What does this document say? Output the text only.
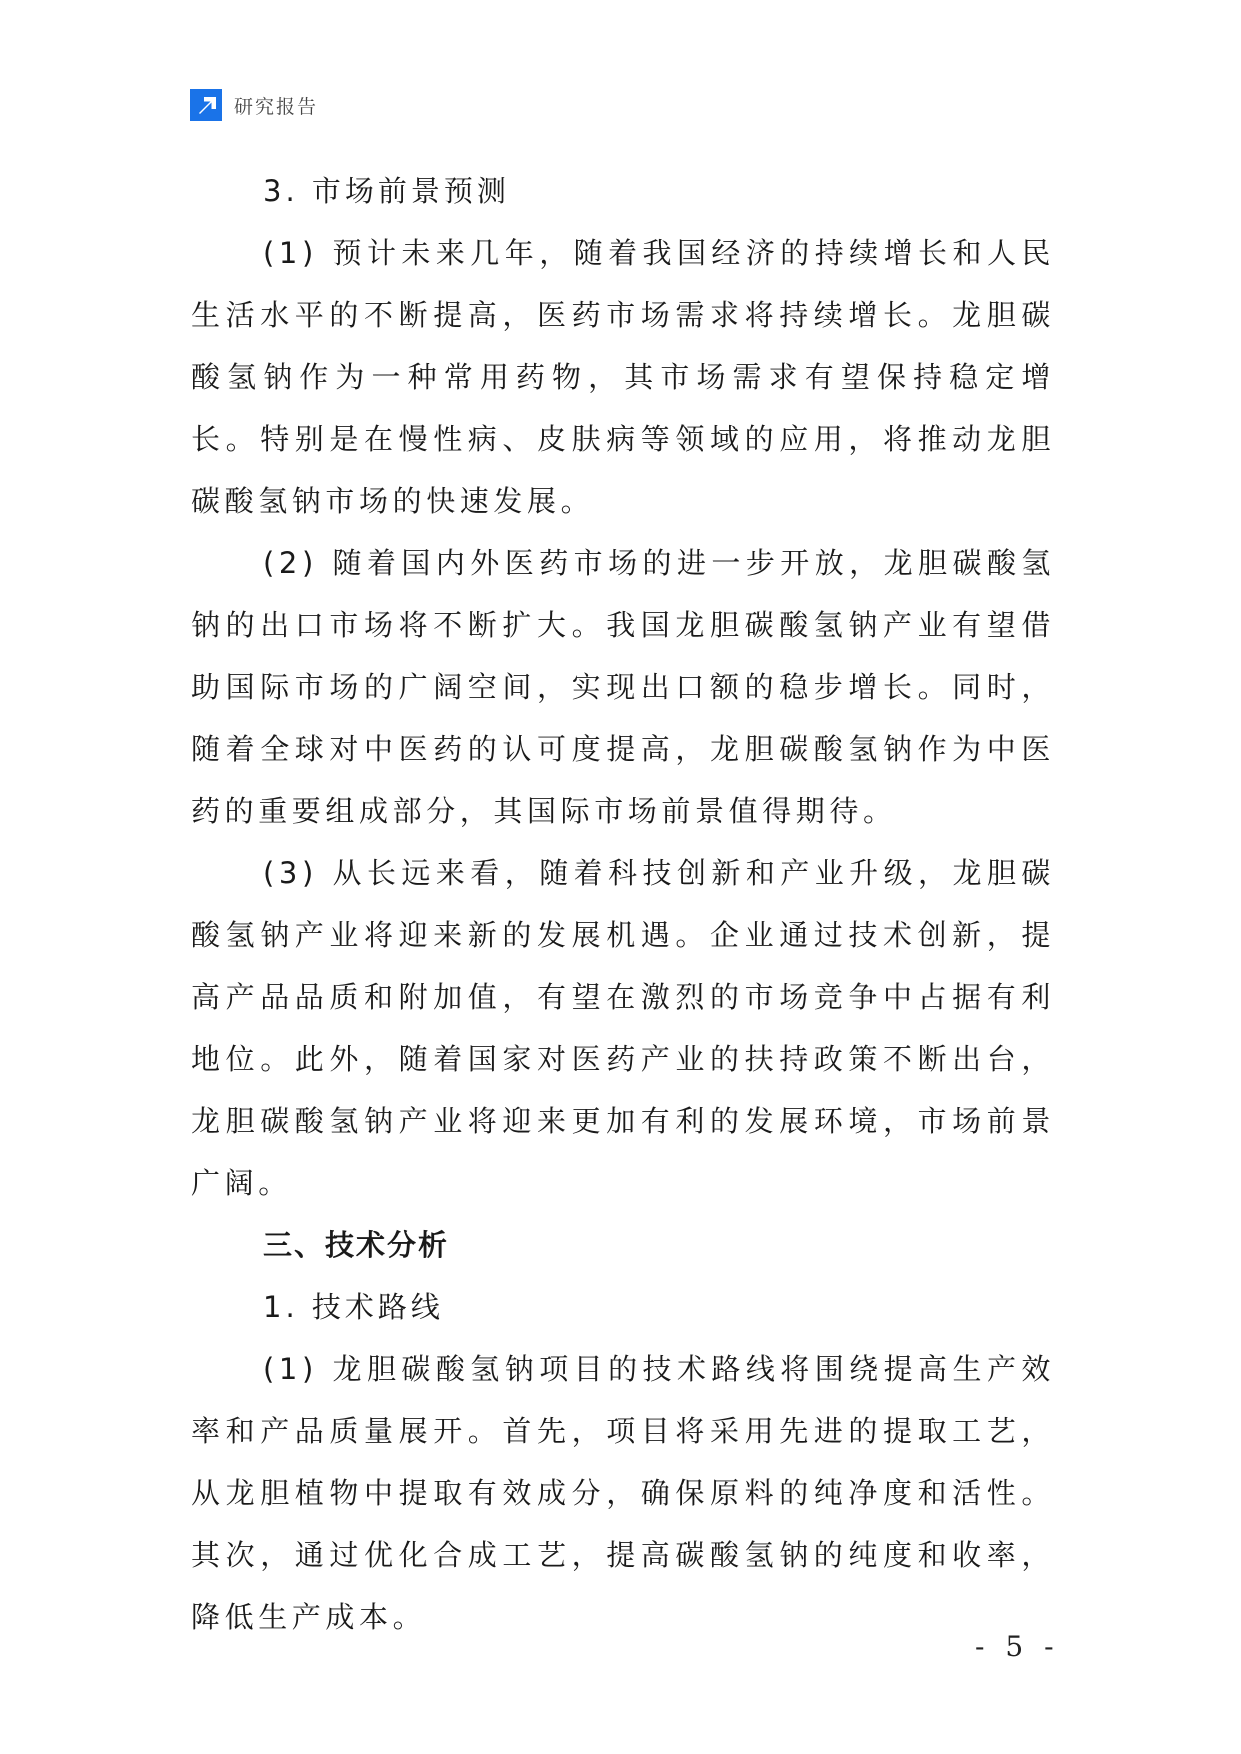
研究报告
3. 市场前景预测

(1) 预计未来几年，随着我国经济的持续增长和人民生活水平的不断提高，医药市场需求将持续增长。龙胆碳酸氢钠作为一种常用药物，其市场需求有望保持稳定增长。特别是在慢性病、皮肤病等领域的应用，将推动龙胆碳酸氢钠市场的快速发展。

(2) 随着国内外医药市场的进一步开放，龙胆碳酸氢钠的出口市场将不断扩大。我国龙胆碳酸氢钠产业有望借助国际市场的广阔空间，实现出口额的稳步增长。同时，随着全球对中医药的认可度提高，龙胆碳酸氢钠作为中医药的重要组成部分，其国际市场前景值得期待。

(3) 从长远来看，随着科技创新和产业升级，龙胆碳酸氢钠产业将迎来新的发展机遇。企业通过技术创新，提高产品品质和附加值，有望在激烈的市场竞争中占据有利地位。此外，随着国家对医药产业的扶持政策不断出台，龙胆碳酸氢钠产业将迎来更加有利的发展环境，市场前景广阔。

三、技术分析
1. 技术路线

(1) 龙胆碳酸氢钠项目的技术路线将围绕提高生产效率和产品质量展开。首先，项目将采用先进的提取工艺，从龙胆植物中提取有效成分，确保原料的纯净度和活性。其次，通过优化合成工艺，提高碳酸氢钠的纯度和收率，降低生产成本。

- 5 -
